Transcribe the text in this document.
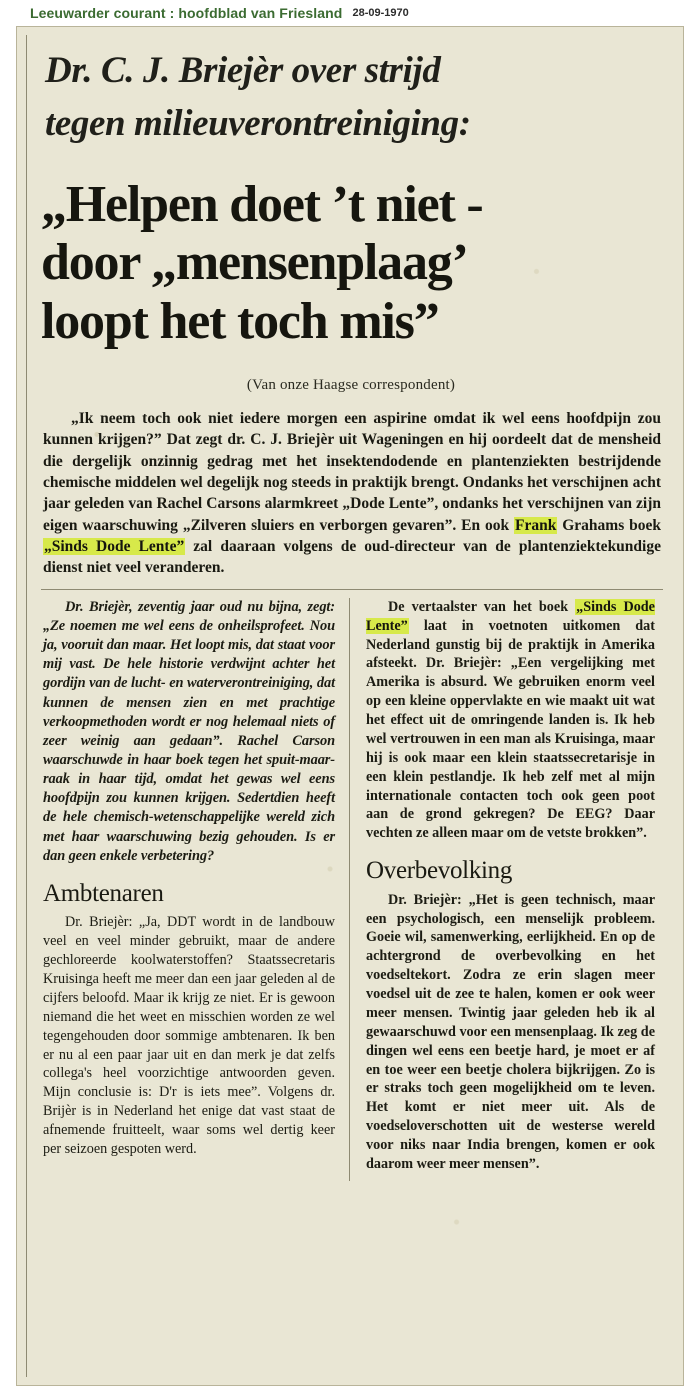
Leeuwarder courant : hoofdblad van Friesland 28-09-1970
Dr. C. J. Briejèr over strijd
tegen milieuverontreiniging:
„Helpen doet ’t niet -
door „mensenplaag’
loopt het toch mis”
(Van onze Haagse correspondent)

„Ik neem toch ook niet iedere morgen een aspirine omdat ik wel eens hoofdpijn zou kunnen krijgen?” Dat zegt dr. C. J. Briejèr uit Wageningen en hij oordeelt dat de mensheid die dergelijk onzinnig gedrag met het insektendodende en plantenziekten bestrijdende chemische middelen wel degelijk nog steeds in praktijk brengt. Ondanks het verschijnen acht jaar geleden van Rachel Carsons alarmkreet „Dode Lente”, ondanks het verschijnen van zijn eigen waarschuwing „Zilveren sluiers en verborgen gevaren”. En ook Frank Grahams boek „Sinds Dode Lente” zal daaraan volgens de oud-directeur van de plantenziektekundige dienst niet veel veranderen.

Dr. Briejèr, zeventig jaar oud nu bijna, zegt: „Ze noemen me wel eens de onheilsprofeet. Nou ja, vooruit dan maar. Het loopt mis, dat staat voor mij vast. De hele historie verdwijnt achter het gordijn van de lucht- en waterverontreiniging, dat kunnen de mensen zien en met prachtige verkoopmethoden wordt er nog helemaal niets of zeer weinig aan gedaan”. Rachel Carson waarschuwde in haar boek tegen het spuit-maar-raak in haar tijd, omdat het gewas wel eens hoofdpijn zou kunnen krijgen. Sedertdien heeft de hele chemisch-wetenschappelijke wereld zich met haar waarschuwing bezig gehouden. Is er dan geen enkele verbetering?

Ambtenaren

Dr. Briejèr: „Ja, DDT wordt in de landbouw veel en veel minder gebruikt, maar de andere gechloreerde koolwaterstoffen? Staatssecretaris Kruisinga heeft me meer dan een jaar geleden al de cijfers beloofd. Maar ik krijg ze niet. Er is gewoon niemand die het weet en misschien worden ze wel tegengehouden door sommige ambtenaren. Ik ben er nu al een paar jaar uit en dan merk je dat zelfs collega's heel voorzichtige antwoorden geven. Mijn conclusie is: D'r is iets mee”. Volgens dr. Brijèr is in Nederland het enige dat vast staat de afnemende fruitteelt, waar soms wel dertig keer per seizoen gespoten werd.

De vertaalster van het boek „Sinds Dode Lente” laat in voetnoten uitkomen dat Nederland gunstig bij de praktijk in Amerika afsteekt. Dr. Briejèr: „Een vergelijking met Amerika is absurd. We gebruiken enorm veel op een kleine oppervlakte en wie maakt uit wat het effect uit de omringende landen is. Ik heb wel vertrouwen in een man als Kruisinga, maar hij is ook maar een klein staatssecretarisje in een klein pestlandje. Ik heb zelf met al mijn internationale contacten toch ook geen poot aan de grond gekregen? De EEG? Daar vechten ze alleen maar om de vetste brokken”.

Overbevolking

Dr. Briejèr: „Het is geen technisch, maar een psychologisch, een menselijk probleem. Goeie wil, samenwerking, eerlijkheid. En op de achtergrond de overbevolking en het voedseltekort. Zodra ze erin slagen meer voedsel uit de zee te halen, komen er ook weer meer mensen. Twintig jaar geleden heb ik al gewaarschuwd voor een mensenplaag. Ik zeg de dingen wel eens een beetje hard, je moet er af en toe weer een beetje cholera bijkrijgen. Zo is er straks toch geen mogelijkheid om te leven. Het komt er niet meer uit. Als de voedseloverschotten uit de westerse wereld voor niks naar India brengen, komen er ook daarom weer meer mensen”.
